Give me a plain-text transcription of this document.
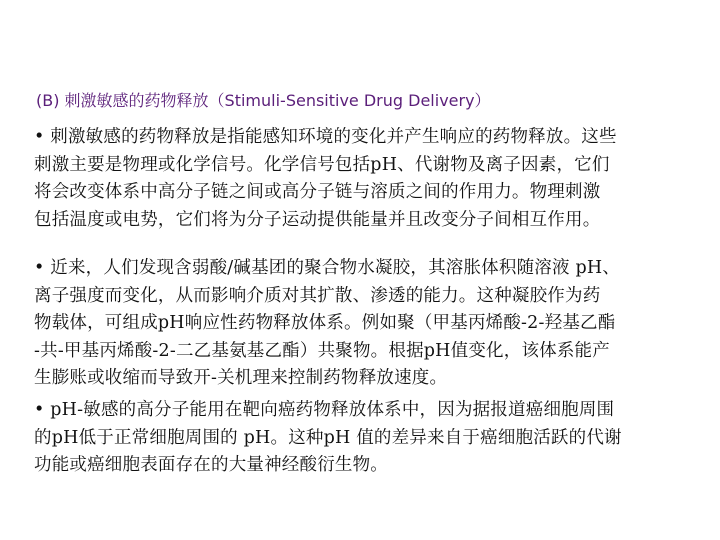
(B) 刺激敏感的药物释放（Stimuli-Sensitive Drug Delivery）
• 刺激敏感的药物释放是指能感知环境的变化并产生响应的药物释放。这些
刺激主要是物理或化学信号。化学信号包括pH、代谢物及离子因素，它们
将会改变体系中高分子链之间或高分子链与溶质之间的作用力。物理刺激
包括温度或电势，它们将为分子运动提供能量并且改变分子间相互作用。
• 近来，人们发现含弱酸/碱基团的聚合物水凝胶，其溶胀体积随溶液 pH、
离子强度而变化，从而影响介质对其扩散、渗透的能力。这种凝胶作为药
物载体，可组成pH响应性药物释放体系。例如聚（甲基丙烯酸-2-羟基乙酯
-共-甲基丙烯酸-2-二乙基氨基乙酯）共聚物。根据pH值变化，该体系能产
生膨账或收缩而导致开-关机理来控制药物释放速度。
• pH-敏感的高分子能用在靶向癌药物释放体系中，因为据报道癌细胞周围
的pH低于正常细胞周围的 pH。这种pH 值的差异来自于癌细胞活跃的代谢
功能或癌细胞表面存在的大量神经酸衍生物。
